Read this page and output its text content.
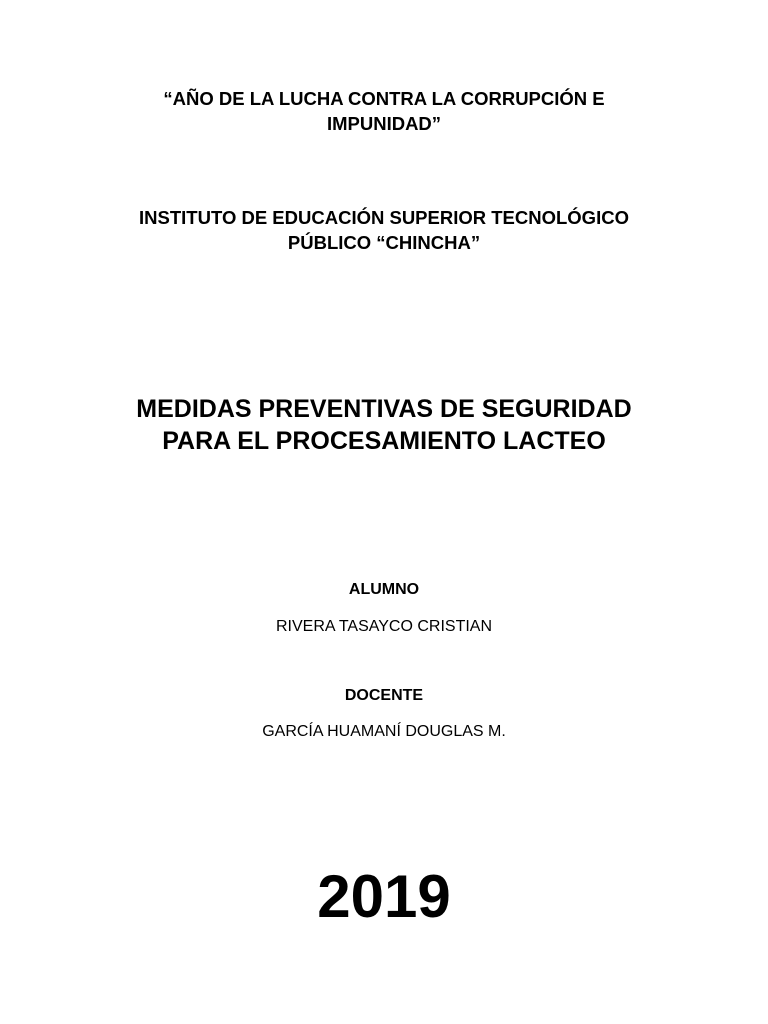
“AÑO DE LA LUCHA CONTRA LA CORRUPCIÓN E
IMPUNIDAD”
INSTITUTO DE EDUCACIÓN SUPERIOR TECNOLÓGICO
PÚBLICO “CHINCHA”
MEDIDAS PREVENTIVAS DE SEGURIDAD
PARA EL PROCESAMIENTO LACTEO
ALUMNO
RIVERA TASAYCO CRISTIAN
DOCENTE
GARCÍA HUAMANÍ DOUGLAS M.
2019
